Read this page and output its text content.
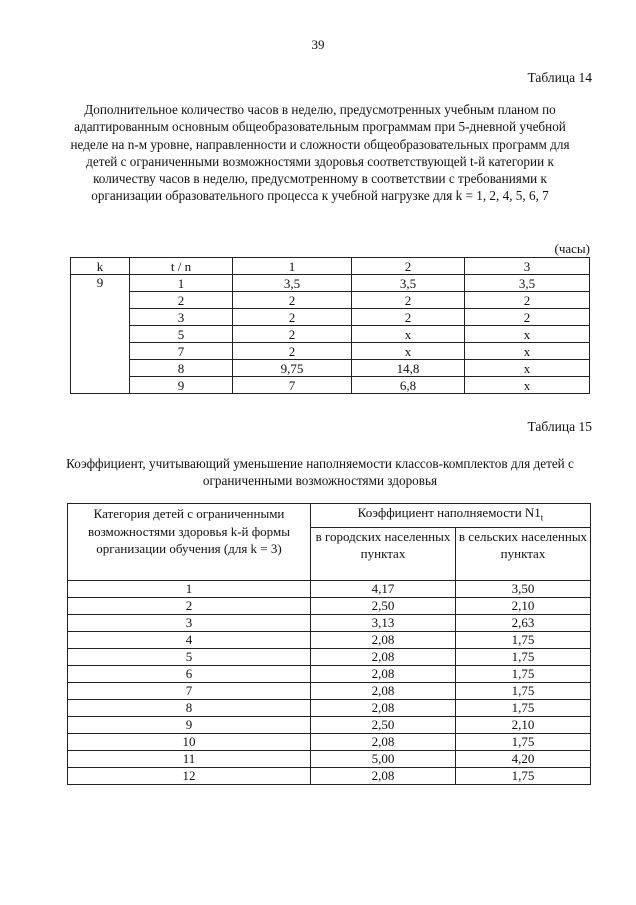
39
Таблица 14
Дополнительное количество часов в неделю, предусмотренных учебным планом по адаптированным основным общеобразовательным программам при 5-дневной учебной неделе на n-м уровне, направленности и сложности общеобразовательных программ для детей с ограниченными возможностями здоровья соответствующей t-й категории к количеству часов в неделю, предусмотренному в соответствии с требованиями к организации образовательного процесса к учебной нагрузке для k = 1, 2, 4, 5, 6, 7
(часы)
k	t / n	1	2	3
9	1	3,5	3,5	3,5
	2	2	2	2
	3	2	2	2
	5	2	х	х
	7	2	х	х
	8	9,75	14,8	х
	9	7	6,8	х
Таблица 15
Коэффициент, учитывающий уменьшение наполняемости классов-комплектов для детей с ограниченными возможностями здоровья
Категория детей с ограниченными возможностями здоровья k-й формы организации обучения (для k = 3)	Коэффициент наполняемости $N1_t$
	в городских населенных пунктах	в сельских населенных пунктах
1	4,17	3,50
2	2,50	2,10
3	3,13	2,63
4	2,08	1,75
5	2,08	1,75
6	2,08	1,75
7	2,08	1,75
8	2,08	1,75
9	2,50	2,10
10	2,08	1,75
11	5,00	4,20
12	2,08	1,75
